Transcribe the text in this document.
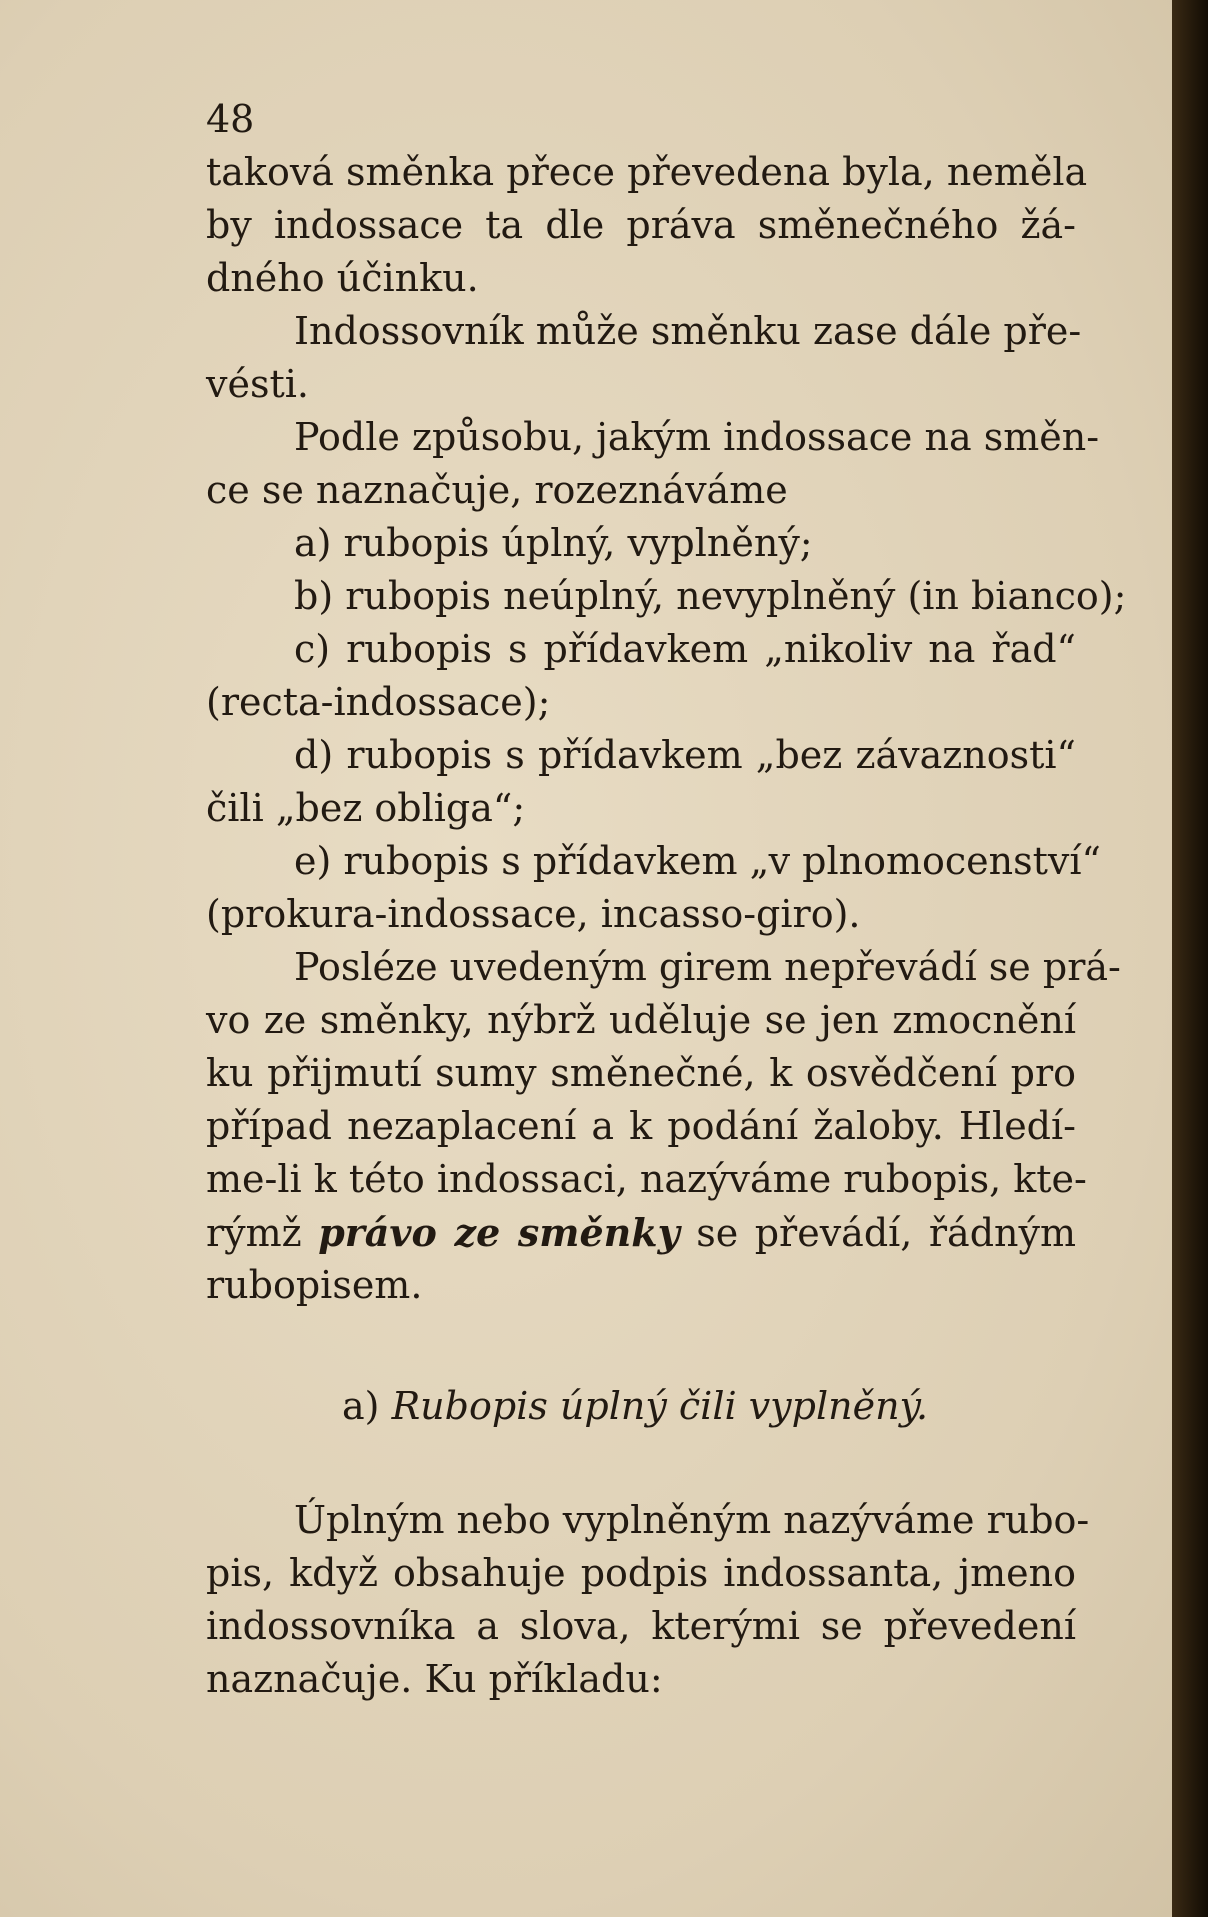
48
taková směnka přece převedena byla, neměla
by indossace ta dle práva směnečného žá-
dného účinku.
Indossovník může směnku zase dále pře-
vésti.
Podle způsobu, jakým indossace na směn-
ce se naznačuje, rozeznáváme
a) rubopis úplný, vyplněný;
b) rubopis neúplný, nevyplněný (in bianco);
c) rubopis s přídavkem „nikoliv na řad“
(recta-indossace);
d) rubopis s přídavkem „bez závaznosti“
čili „bez obliga“;
e) rubopis s přídavkem „v plnomocenství“
(prokura-indossace, incasso-giro).
Posléze uvedeným girem nepřevádí se prá-
vo ze směnky, nýbrž uděluje se jen zmocnění
ku přijmutí sumy směnečné, k osvědčení pro
případ nezaplacení a k podání žaloby. Hledí-
me-li k této indossaci, nazýváme rubopis, kte-
rýmž právo ze směnky se převádí, řádným
rubopisem.
a) Rubopis úplný čili vyplněný.
Úplným nebo vyplněným nazýváme rubo-
pis, když obsahuje podpis indossanta, jmeno
indossovníka a slova, kterými se převedení
naznačuje. Ku příkladu:
